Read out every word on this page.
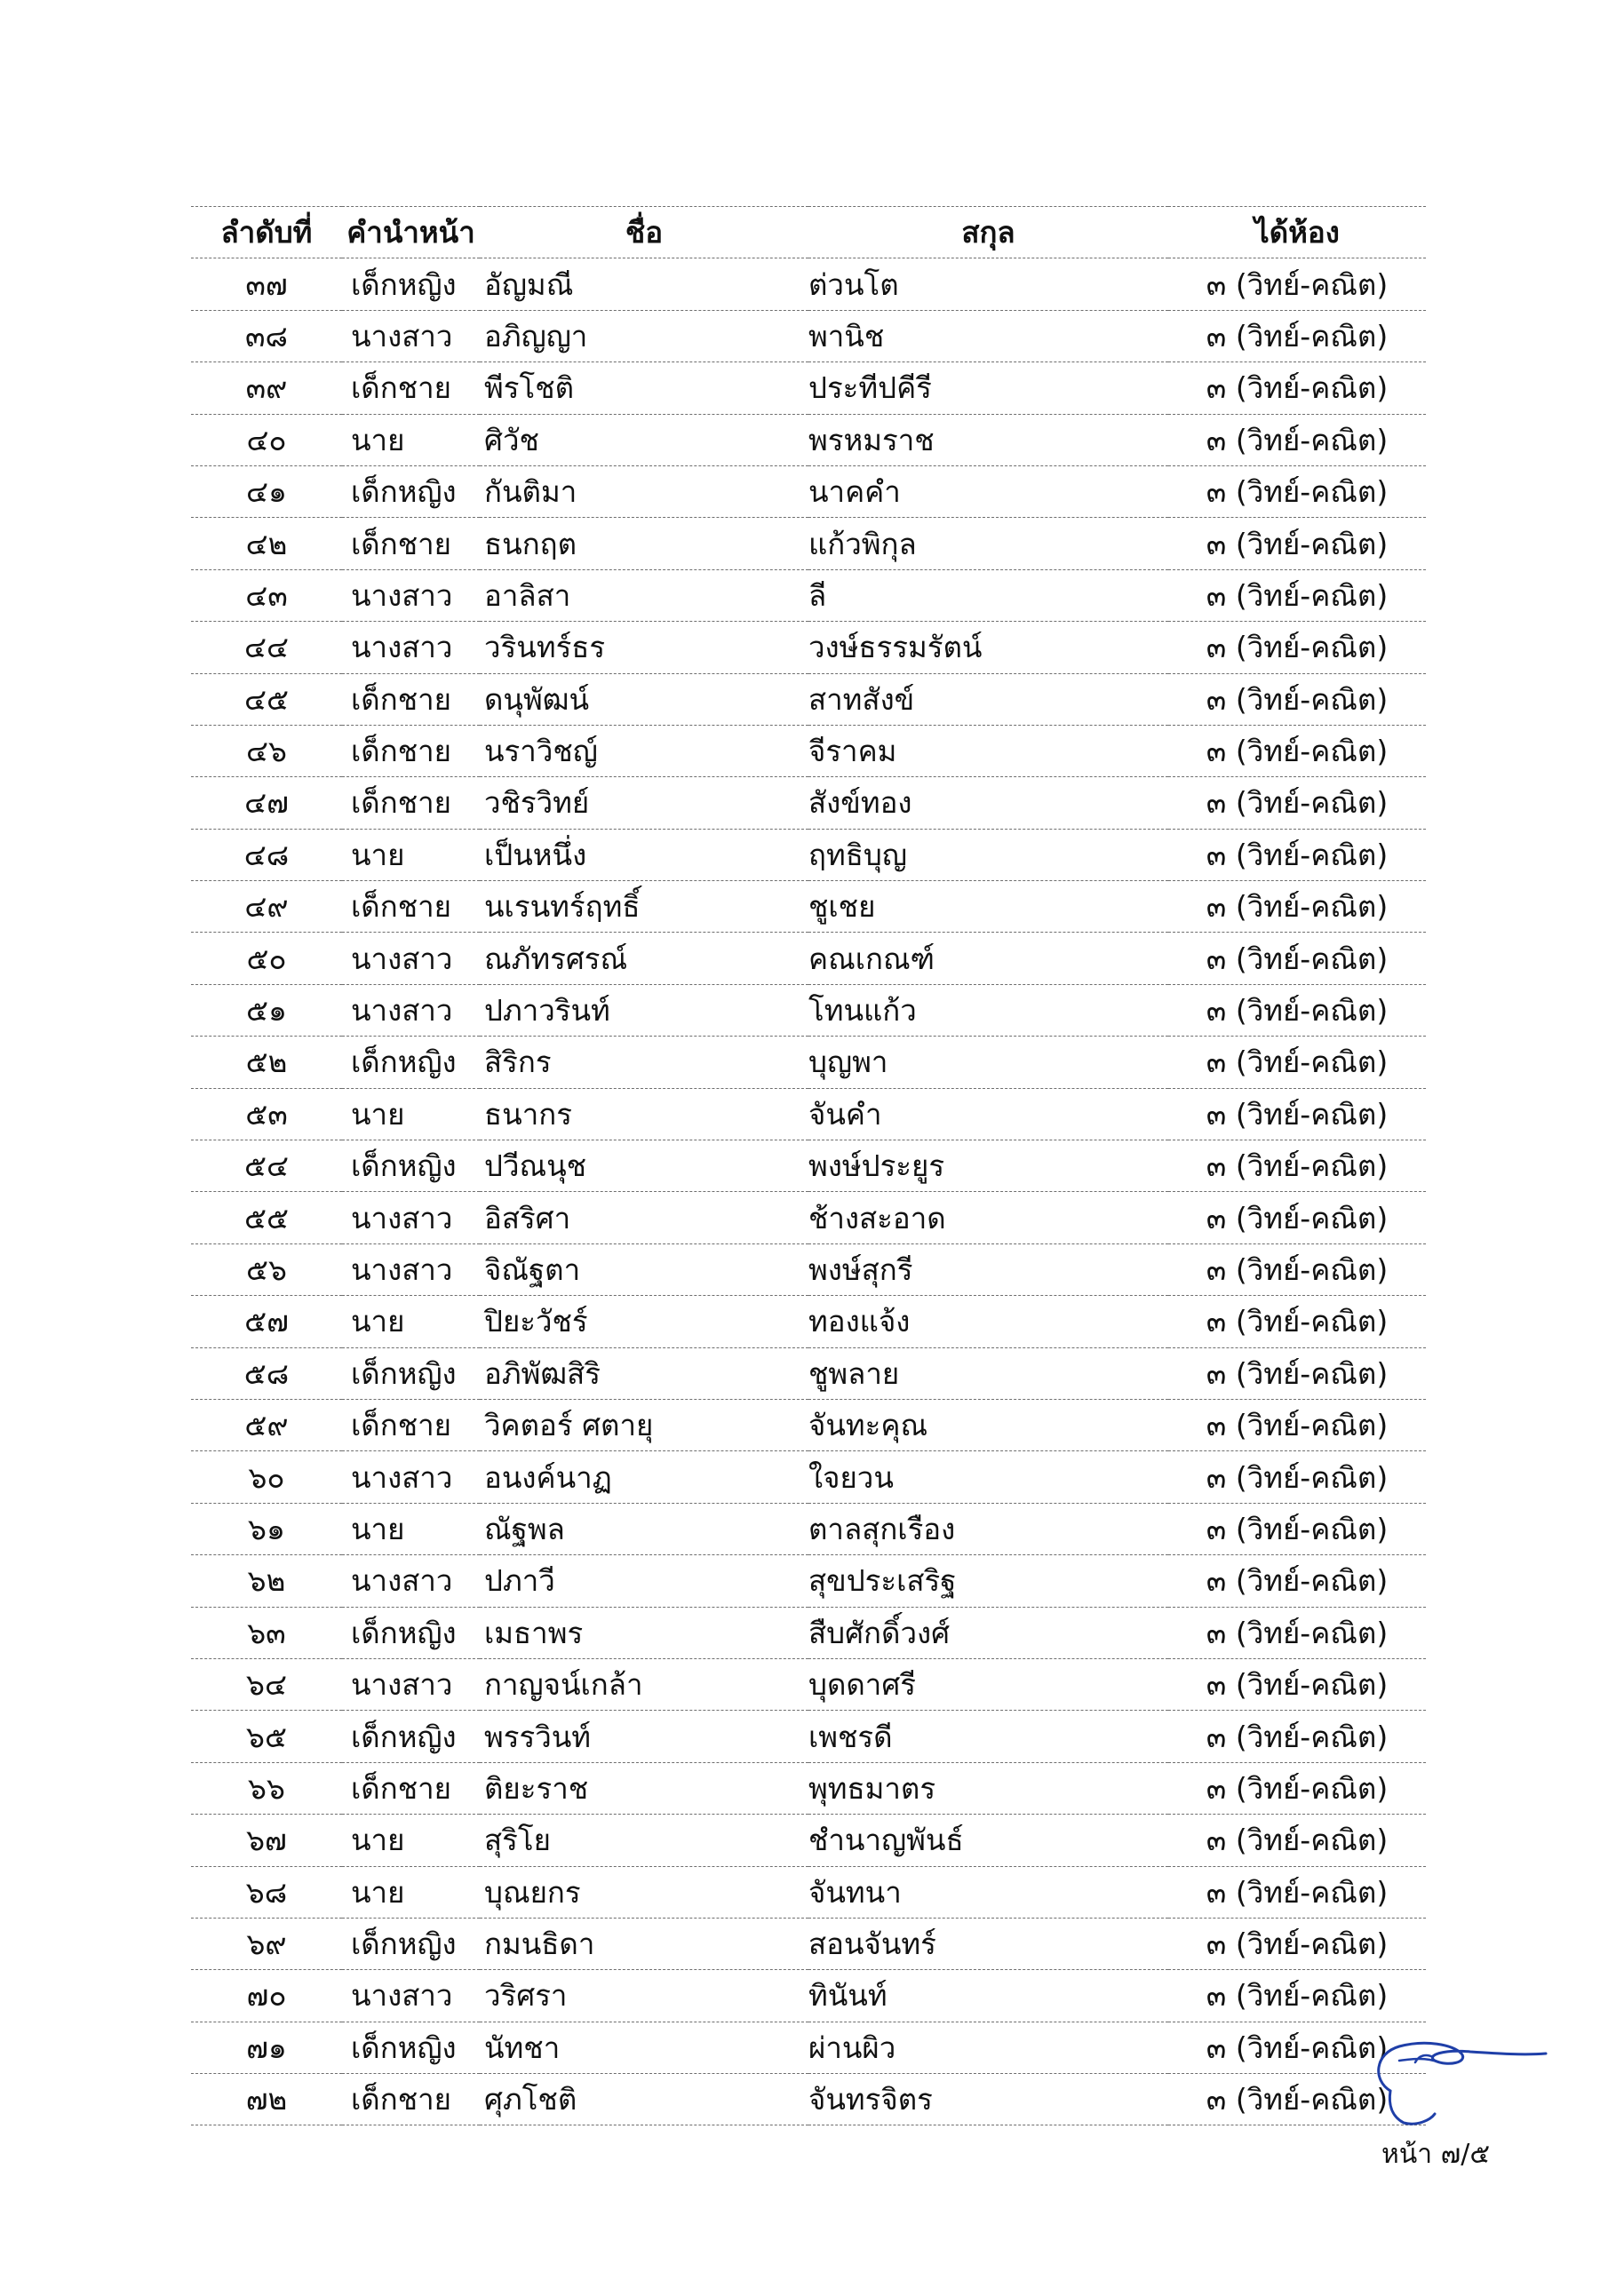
ลำดับที่	คำนำหน้า	ชื่อ	สกุล	ได้ห้อง
๓๗	เด็กหญิง	อัญมณี	ต่วนโต	๓ (วิทย์-คณิต)
๓๘	นางสาว	อภิญญา	พานิช	๓ (วิทย์-คณิต)
๓๙	เด็กชาย	พีรโชติ	ประทีปคีรี	๓ (วิทย์-คณิต)
๔๐	นาย	ศิวัช	พรหมราช	๓ (วิทย์-คณิต)
๔๑	เด็กหญิง	กันติมา	นาคคำ	๓ (วิทย์-คณิต)
๔๒	เด็กชาย	ธนกฤต	แก้วพิกุล	๓ (วิทย์-คณิต)
๔๓	นางสาว	อาลิสา	ลี	๓ (วิทย์-คณิต)
๔๔	นางสาว	วรินทร์ธร	วงษ์ธรรมรัตน์	๓ (วิทย์-คณิต)
๔๕	เด็กชาย	ดนุพัฒน์	สาทสังข์	๓ (วิทย์-คณิต)
๔๖	เด็กชาย	นราวิชญ์	จีราคม	๓ (วิทย์-คณิต)
๔๗	เด็กชาย	วชิรวิทย์	สังข์ทอง	๓ (วิทย์-คณิต)
๔๘	นาย	เป็นหนึ่ง	ฤทธิบุญ	๓ (วิทย์-คณิต)
๔๙	เด็กชาย	นเรนทร์ฤทธิ์	ชูเชย	๓ (วิทย์-คณิต)
๕๐	นางสาว	ณภัทรศรณ์	คณเกณฑ์	๓ (วิทย์-คณิต)
๕๑	นางสาว	ปภาวรินท์	โทนแก้ว	๓ (วิทย์-คณิต)
๕๒	เด็กหญิง	สิริกร	บุญพา	๓ (วิทย์-คณิต)
๕๓	นาย	ธนากร	จันคำ	๓ (วิทย์-คณิต)
๕๔	เด็กหญิง	ปวีณนุช	พงษ์ประยูร	๓ (วิทย์-คณิต)
๕๕	นางสาว	อิสริศา	ช้างสะอาด	๓ (วิทย์-คณิต)
๕๖	นางสาว	จิณัฐตา	พงษ์สุกรี	๓ (วิทย์-คณิต)
๕๗	นาย	ปิยะวัชร์	ทองแจ้ง	๓ (วิทย์-คณิต)
๕๘	เด็กหญิง	อภิพัฒสิริ	ชูพลาย	๓ (วิทย์-คณิต)
๕๙	เด็กชาย	วิคตอร์ ศตายุ	จันทะคุณ	๓ (วิทย์-คณิต)
๖๐	นางสาว	อนงค์นาฏ	ใจยวน	๓ (วิทย์-คณิต)
๖๑	นาย	ณัฐพล	ตาลสุกเรือง	๓ (วิทย์-คณิต)
๖๒	นางสาว	ปภาวี	สุขประเสริฐ	๓ (วิทย์-คณิต)
๖๓	เด็กหญิง	เมธาพร	สืบศักดิ์วงศ์	๓ (วิทย์-คณิต)
๖๔	นางสาว	กาญจน์เกล้า	บุดดาศรี	๓ (วิทย์-คณิต)
๖๕	เด็กหญิง	พรรวินท์	เพชรดี	๓ (วิทย์-คณิต)
๖๖	เด็กชาย	ติยะราช	พุทธมาตร	๓ (วิทย์-คณิต)
๖๗	นาย	สุริโย	ชำนาญพันธ์	๓ (วิทย์-คณิต)
๖๘	นาย	บุณยกร	จันทนา	๓ (วิทย์-คณิต)
๖๙	เด็กหญิง	กมนธิดา	สอนจันทร์	๓ (วิทย์-คณิต)
๗๐	นางสาว	วริศรา	ทินันท์	๓ (วิทย์-คณิต)
๗๑	เด็กหญิง	นัทชา	ผ่านผิว	๓ (วิทย์-คณิต)
๗๒	เด็กชาย	ศุภโชติ	จันทรจิตร	๓ (วิทย์-คณิต)
หน้า ๗/๕
